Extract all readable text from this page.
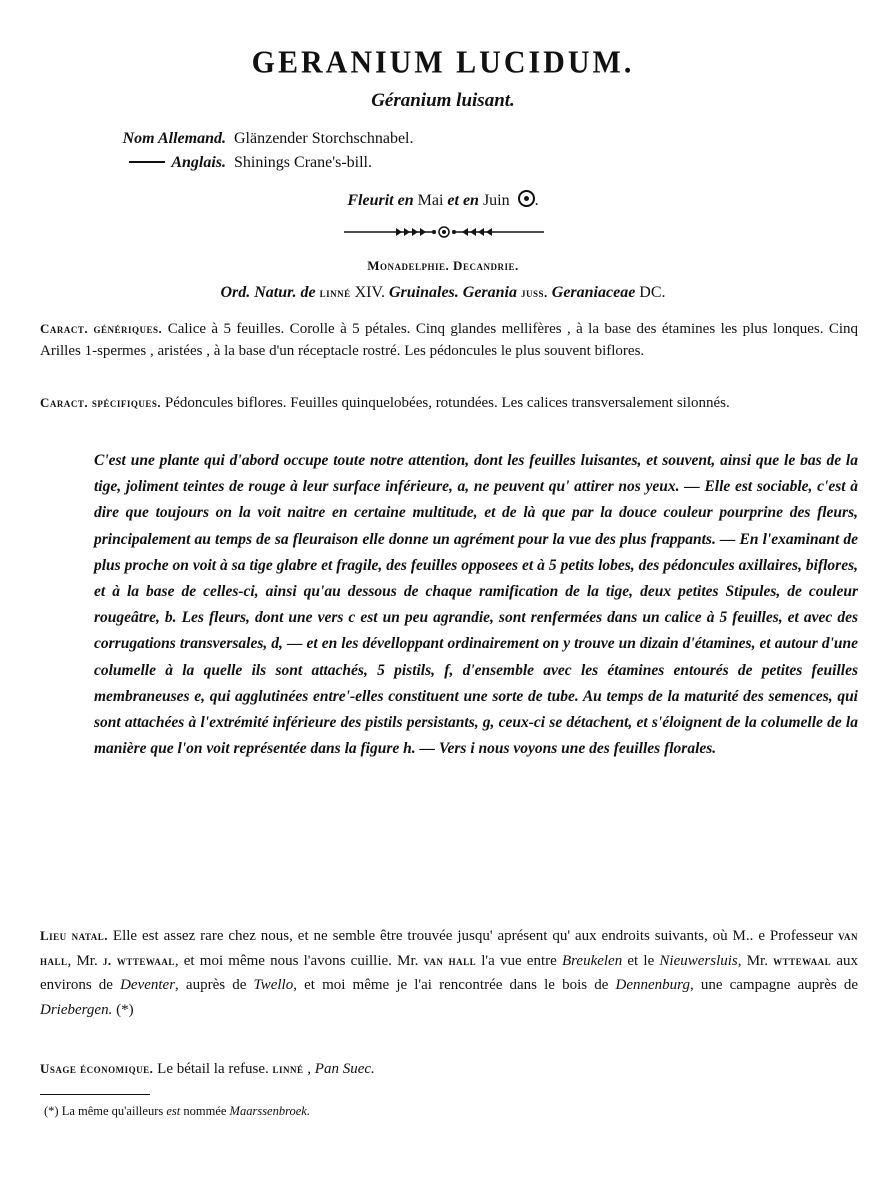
GERANIUM LUCIDUM.
Géranium luisant.
Nom Allemand. Glänzender Storchschnabel.
Anglais. Shinings Crane's-bill.
Fleurit en Mai et en Juin .
Monadelphie. Decandrie.
Ord. Natur. de linné XIV. Gruinales. Gerania juss. Geraniaceae DC.
Caract. génériques. Calice à 5 feuilles. Corolle à 5 pétales. Cinq glandes mellifères , à la base des étamines les plus lonques. Cinq Arilles 1-spermes , aristées , à la base d'un réceptacle rostré. Les pédoncules le plus souvent biflores.
Caract. spécifiques. Pédoncules biflores. Feuilles quinquelobées, rotundées. Les calices transversalement silonnés.
C'est une plante qui d'abord occupe toute notre attention, dont les feuilles luisantes, et souvent, ainsi que le bas de la tige, joliment teintes de rouge à leur surface inférieure, a, ne peuvent qu' attirer nos yeux. — Elle est sociable, c'est à dire que toujours on la voit naitre en certaine multitude, et de là que par la douce couleur pourprine des fleurs, principalement au temps de sa fleuraison elle donne un agrément pour la vue des plus frappants. — En l'examinant de plus proche on voit à sa tige glabre et fragile, des feuilles opposees et à 5 petits lobes, des pédoncules axillaires, biflores, et à la base de celles-ci, ainsi qu'au dessous de chaque ramification de la tige, deux petites Stipules, de couleur rougeâtre, b. Les fleurs, dont une vers c est un peu agrandie, sont renfermées dans un calice à 5 feuilles, et avec des corrugations transversales, d, — et en les dévelloppant ordinairement on y trouve un dizain d'étamines, et autour d'une columelle à la quelle ils sont attachés, 5 pistils, f, d'ensemble avec les étamines entourés de petites feuilles membraneuses e, qui agglutinées entre'-elles constituent une sorte de tube. Au temps de la maturité des semences, qui sont attachées à l'extrémité inférieure des pistils persistants, g, ceux-ci se détachent, et s'éloignent de la columelle de la manière que l'on voit représentée dans la figure h. — Vers i nous voyons une des feuilles florales.
Lieu natal. Elle est assez rare chez nous, et ne semble être trouvée jusqu' aprésent qu' aux endroits suivants, où M.. e Professeur van hall, Mr. j. wttewaal, et moi même nous l'avons cuillie. Mr. van hall l'a vue entre Breukelen et le Nieuwersluis, Mr. wttewaal aux environs de Deventer, auprès de Twello, et moi même je l'ai rencontrée dans le bois de Dennenburg, une campagne auprès de Driebergen. (*)
Usage économique. Le bétail la refuse. linné , Pan Suec.
(*) La même qu'ailleurs est nommée Maarssenbroek.
